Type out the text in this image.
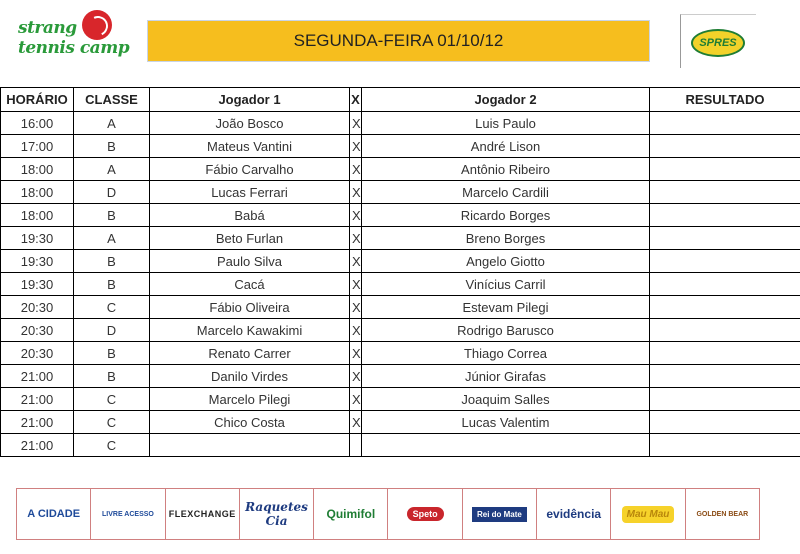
strang
tennis camp	SEGUNDA-FEIRA 01/10/12	SPRES
HORÁRIO	CLASSE	Jogador 1	X	Jogador 2	RESULTADO
16:00	A	João Bosco	X	Luis Paulo	
17:00	B	Mateus Vantini	X	André Lison	
18:00	A	Fábio Carvalho	X	Antônio Ribeiro	
18:00	D	Lucas Ferrari	X	Marcelo Cardili	
18:00	B	Babá	X	Ricardo Borges	
19:30	A	Beto Furlan	X	Breno Borges	
19:30	B	Paulo Silva	X	Angelo Giotto	
19:30	B	Cacá	X	Vinícius Carril	
20:30	C	Fábio Oliveira	X	Estevam Pilegi	
20:30	D	Marcelo Kawakimi	X	Rodrigo Barusco	
20:30	B	Renato Carrer	X	Thiago Correa	
21:00	B	Danilo Virdes	X	Júnior Girafas	
21:00	C	Marcelo Pilegi	X	Joaquim Salles	
21:00	C	Chico Costa	X	Lucas Valentim	
21:00	C				
A CIDADE	LIVRE ACESSO FLEXCHANGE Raquetes Cia	Quimifol	Speto	Rei do Mate	evidência	Mau Mau	GOLDEN BEAR
